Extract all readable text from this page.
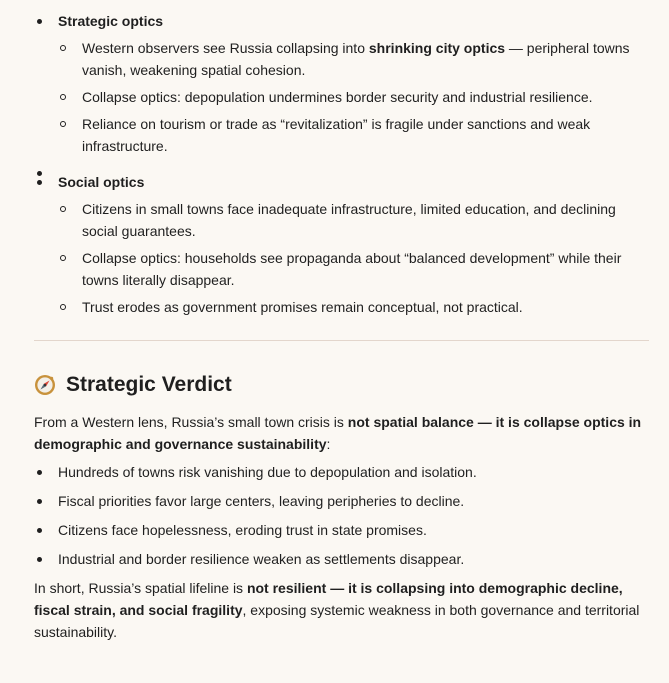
Strategic optics
Western observers see Russia collapsing into shrinking city optics — peripheral towns vanish, weakening spatial cohesion.
Collapse optics: depopulation undermines border security and industrial resilience.
Reliance on tourism or trade as “revitalization” is fragile under sanctions and weak infrastructure.
Social optics
Citizens in small towns face inadequate infrastructure, limited education, and declining social guarantees.
Collapse optics: households see propaganda about “balanced development” while their towns literally disappear.
Trust erodes as government promises remain conceptual, not practical.
Strategic Verdict

From a Western lens, Russia’s small town crisis is not spatial balance — it is collapse optics in demographic and governance sustainability:

Hundreds of towns risk vanishing due to depopulation and isolation.
Fiscal priorities favor large centers, leaving peripheries to decline.
Citizens face hopelessness, eroding trust in state promises.
Industrial and border resilience weaken as settlements disappear.

In short, Russia’s spatial lifeline is not resilient — it is collapsing into demographic decline, fiscal strain, and social fragility, exposing systemic weakness in both governance and territorial sustainability.
